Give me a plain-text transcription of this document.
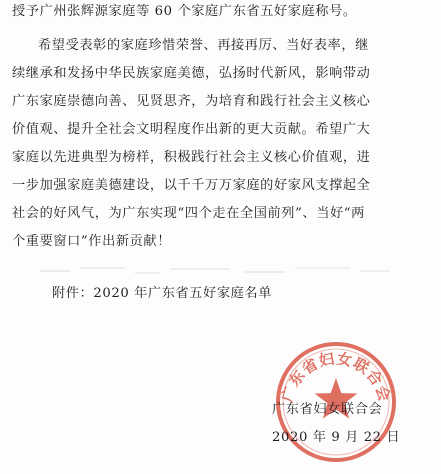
授予广州张辉源家庭等 60 个家庭广东省五好家庭称号。
希望受表彰的家庭珍惜荣誉、再接再厉、当好表率，继
续继承和发扬中华民族家庭美德，弘扬时代新风，影响带动
广东家庭崇德向善、见贤思齐，为培育和践行社会主义核心
价值观、提升全社会文明程度作出新的更大贡献。希望广大
家庭以先进典型为榜样，积极践行社会主义核心价值观，进
一步加强家庭美德建设，以千千万万家庭的好家风支撑起全
社会的好风气，为广东实现“四个走在全国前列”、当好“两
个重要窗口”作出新贡献！
附件：2020 年广东省五好家庭名单
广东省妇女联合会
广东省妇女联合会
2020 年 9 月 22 日
